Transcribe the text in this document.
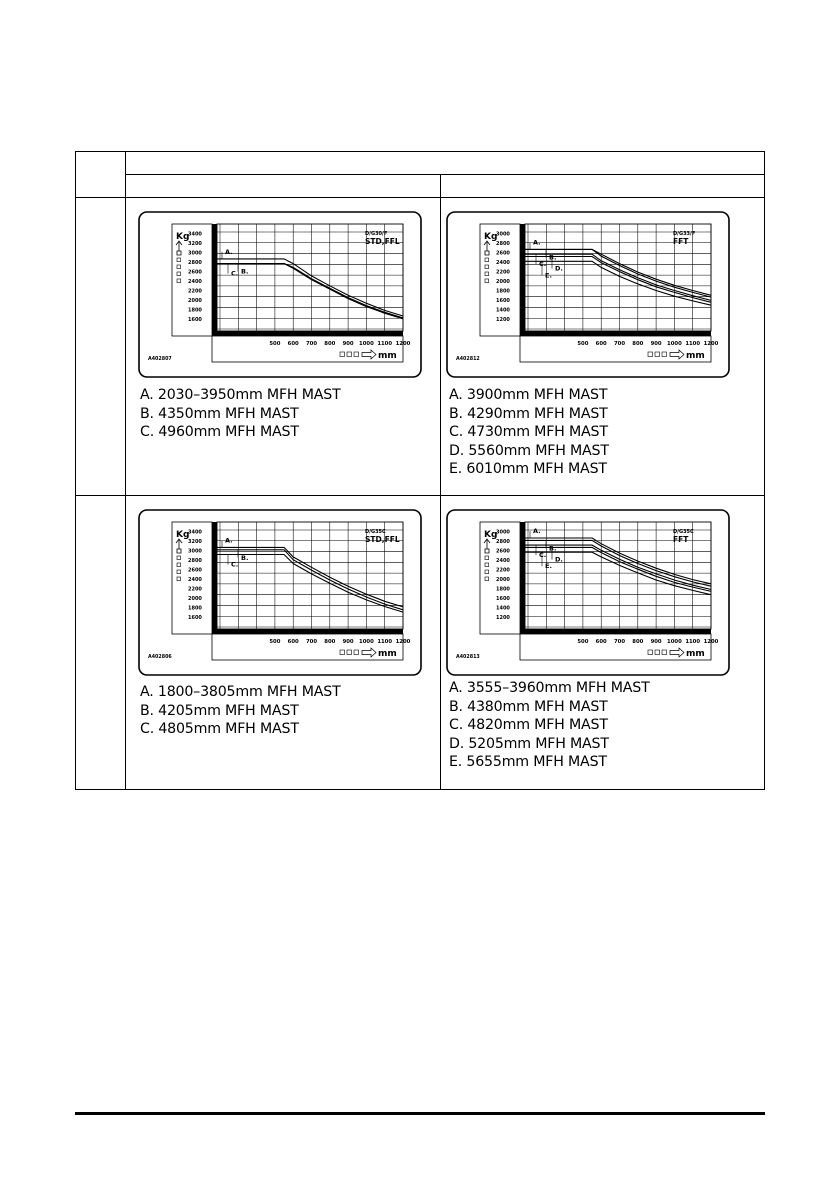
Kg
3400
3200
3000
2800
2600
2400
2200
2000
1800
1600
500 600 700 800 900 1000 1100 1200
mm
A402807
D/G30/F
STD,FFL
A.
B.
C.
A. 2030–3950mm MFH MAST
B. 4350mm MFH MAST
C. 4960mm MFH MAST
Kg
3000
2800
2600
2400
2200
2000
1800
1600
1400
1200
500 600 700 800 900 1000 1100 1200
mm
A402812
D/G33/F
FFT
A.
B.
C.
D.
E.
A. 3900mm MFH MAST
B. 4290mm MFH MAST
C. 4730mm MFH MAST
D. 5560mm MFH MAST
E. 6010mm MFH MAST
Kg
3400
3200
3000
2800
2600
2400
2200
2000
1800
1600
500 600 700 800 900 1000 1100 1200
mm
A402806
D/G35C
STD,FFL
A.
B.
C.
A. 1800–3805mm MFH MAST
B. 4205mm MFH MAST
C. 4805mm MFH MAST
Kg
3000
2800
2600
2400
2200
2000
1800
1600
1400
1200
500 600 700 800 900 1000 1100 1200
mm
A402813
D/G35C
FFT
A.
B.
C.
D.
E.
A. 3555–3960mm MFH MAST
B. 4380mm MFH MAST
C. 4820mm MFH MAST
D. 5205mm MFH MAST
E. 5655mm MFH MAST
